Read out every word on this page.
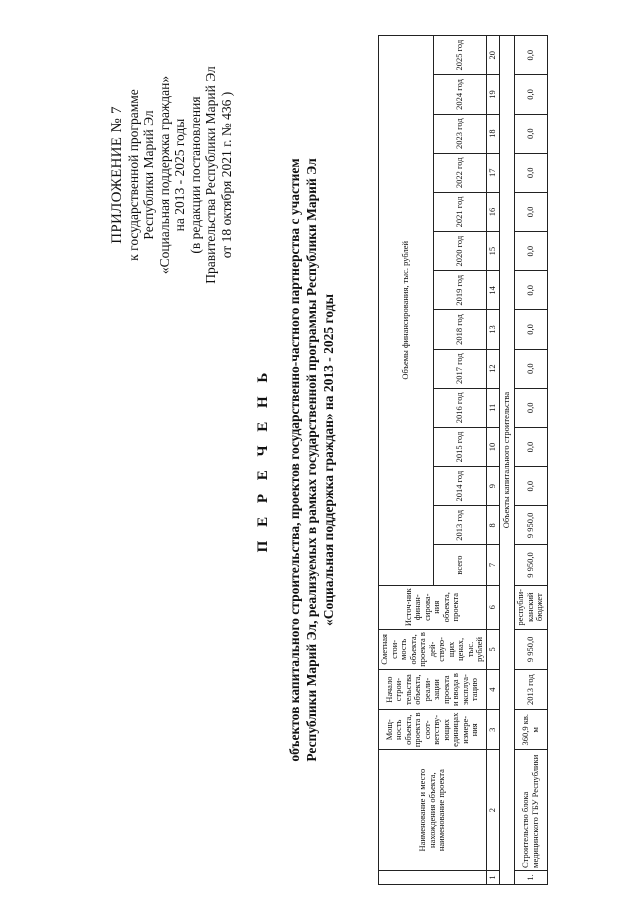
ПРИЛОЖЕНИЕ № 7 к государственной программе Республики Марий Эл «Социальная поддержка граждан» на 2013 - 2025 годы (в редакции постановления Правительства Республики Марий Эл от 18 октября 2021 г. № 436 )
П Е Р Е Ч Е Н Ь объектов капитального строительства, проектов государственно-частного партнерства с участием Республики Марий Эл, реализуемых в рамках государственной программы Республики Марий Эл «Социальная поддержка граждан» на 2013 - 2025 годы
	Наименование и место нахождения объекта, наименование проекта	Мощ-ность объекта, проекта в соот-ветству-ющих единицах измере-ния	Начало строи-тельства объекта, реали-зации проекта и ввода в эксплуа-тацию	Сметная стои-мость объекта, проекта в дей-ствую-щих ценах, тыс. рублей	Источ-ник финан-сирова-ния объекта, проекта	Объемы финансирования, тыс. рублей													
						всего	2013 год	2014 год	2015 год	2016 год	2017 год	2018 год	2019 год	2020 год	2021 год	2022 год	2023 год	2024 год	2025 год
1	2	3	4	5	6	7	8	9	10	11	12	13	14	15	16	17	18	19	20
Объекты капитального строительства																			
1.	Строительство блока медицинского ГБУ Республики	360,9 кв. м	2013 год	9 950,0	республи-канский бюджет	9 950,0	9 950,0	0,0	0,0	0,0	0,0	0,0	0,0	0,0	0,0	0,0	0,0	0,0	0,0
